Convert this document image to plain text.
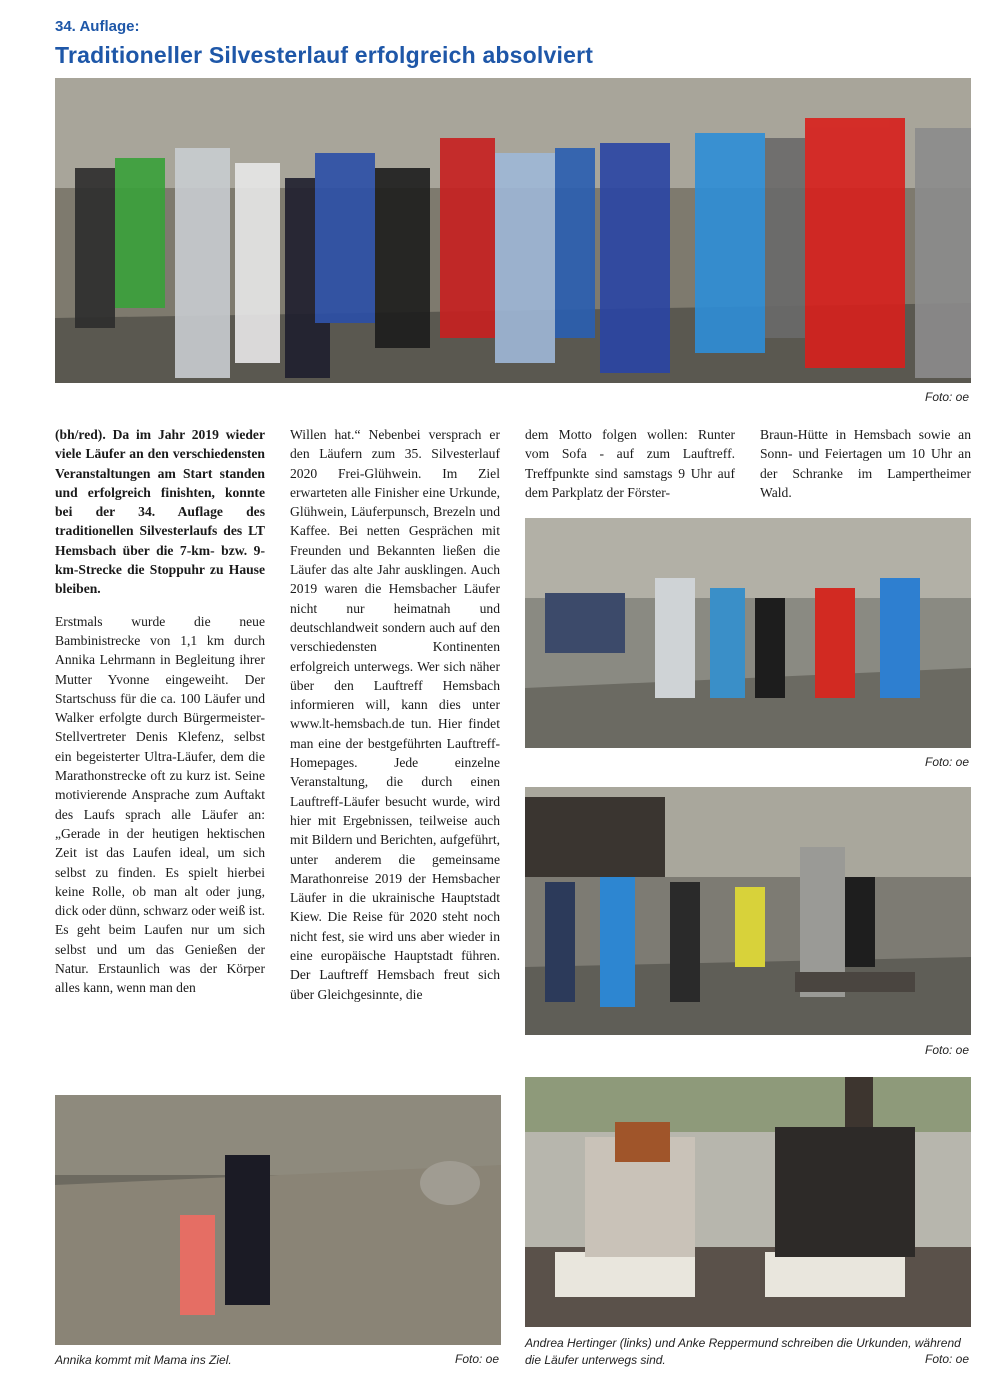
34. Auflage:
Traditioneller Silvesterlauf erfolgreich absolviert
Foto: oe

(bh/red). Da im Jahr 2019 wieder viele Läufer an den verschiedensten Veranstaltungen am Start standen und erfolgreich finishten, konnte bei der 34. Auflage des traditionellen Silvesterlaufs des LT Hemsbach über die 7-km- bzw. 9-km-Strecke die Stoppuhr zu Hause bleiben.

Erstmals wurde die neue Bambinistrecke von 1,1 km durch Annika Lehrmann in Begleitung ihrer Mutter Yvonne eingeweiht. Der Startschuss für die ca. 100 Läufer und Walker erfolgte durch Bürgermeister-Stellvertreter Denis Klefenz, selbst ein begeisterter Ultra-Läufer, dem die Marathonstrecke oft zu kurz ist. Seine motivierende Ansprache zum Auftakt des Laufs sprach alle Läufer an: „Gerade in der heutigen hektischen Zeit ist das Laufen ideal, um sich selbst zu finden. Es spielt hierbei keine Rolle, ob man alt oder jung, dick oder dünn, schwarz oder weiß ist. Es geht beim Laufen nur um sich selbst und um das Genießen der Natur. Erstaunlich was der Körper alles kann, wenn man den

Willen hat.“ Nebenbei versprach er den Läufern zum 35. Silvesterlauf 2020 Frei-Glühwein. Im Ziel erwarteten alle Finisher eine Urkunde, Glühwein, Läuferpunsch, Brezeln und Kaffee. Bei netten Gesprächen mit Freunden und Bekannten ließen die Läufer das alte Jahr ausklingen. Auch 2019 waren die Hemsbacher Läufer nicht nur heimatnah und deutschlandweit sondern auch auf den verschiedensten Kontinenten erfolgreich unterwegs. Wer sich näher über den Lauftreff Hemsbach informieren will, kann dies unter www.lt-hemsbach.de tun. Hier findet man eine der bestgeführten Lauftreff-Homepages. Jede einzelne Veranstaltung, die durch einen Lauftreff-Läufer besucht wurde, wird hier mit Ergebnissen, teilweise auch mit Bildern und Berichten, aufgeführt, unter anderem die gemeinsame Marathonreise 2019 der Hemsbacher Läufer in die ukrainische Hauptstadt Kiew. Die Reise für 2020 steht noch nicht fest, sie wird uns aber wieder in eine europäische Hauptstadt führen. Der Lauftreff Hemsbach freut sich über Gleichgesinnte, die

dem Motto folgen wollen: Runter vom Sofa - auf zum Lauftreff. Treffpunkte sind samstags 9 Uhr auf dem Parkplatz der Förster-

Braun-Hütte in Hemsbach sowie an Sonn- und Feiertagen um 10 Uhr an der Schranke im Lampertheimer Wald.

Foto: oe
Foto: oe
Annika kommt mit Mama ins Ziel.	Foto: oe
Andrea Hertinger (links) und Anke Reppermund schreiben die Urkunden, während die Läufer unterwegs sind.	Foto: oe
